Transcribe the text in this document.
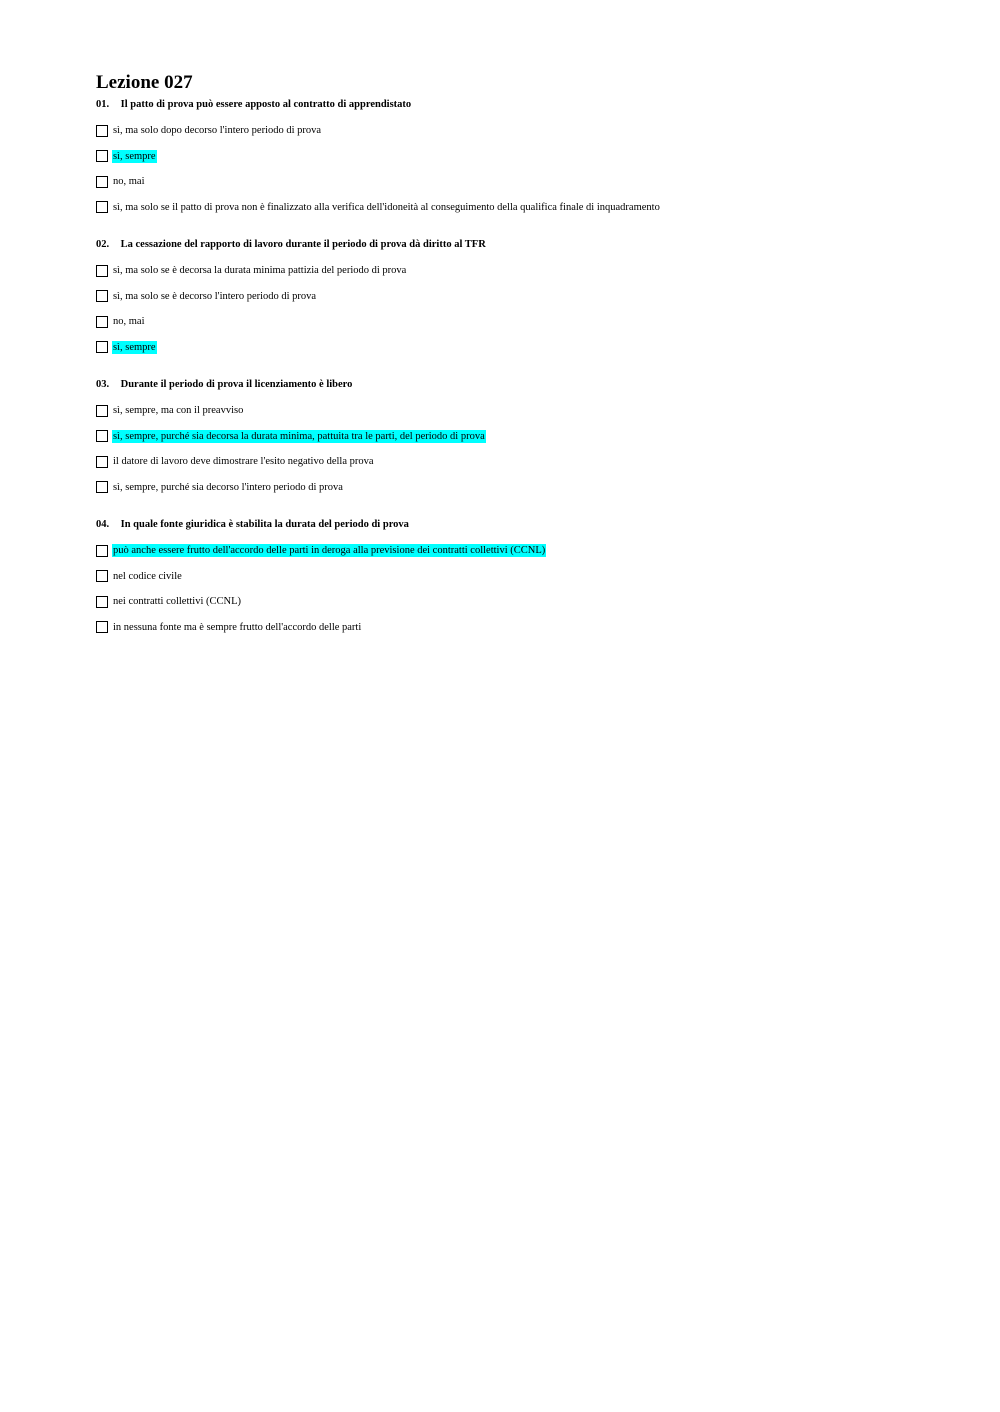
Lezione 027
01. Il patto di prova può essere apposto al contratto di apprendistato
sì, ma solo dopo decorso l'intero periodo di prova
sì, sempre
no, mai
sì, ma solo se il patto di prova non è finalizzato alla verifica dell'idoneità al conseguimento della qualifica finale di inquadramento
02. La cessazione del rapporto di lavoro durante il periodo di prova dà diritto al TFR
sì, ma solo se è decorsa la durata minima pattizia del periodo di prova
sì, ma solo se è decorso l'intero periodo di prova
no, mai
sì, sempre
03. Durante il periodo di prova il licenziamento è libero
sì, sempre, ma con il preavviso
sì, sempre, purché sia decorsa la durata minima, pattuita tra le parti, del periodo di prova
il datore di lavoro deve dimostrare l'esito negativo della prova
sì, sempre, purché sia decorso l'intero periodo di prova
04. In quale fonte giuridica è stabilita la durata del periodo di prova
può anche essere frutto dell'accordo delle parti in deroga alla previsione dei contratti collettivi (CCNL)
nel codice civile
nei contratti collettivi (CCNL)
in nessuna fonte ma è sempre frutto dell'accordo delle parti
